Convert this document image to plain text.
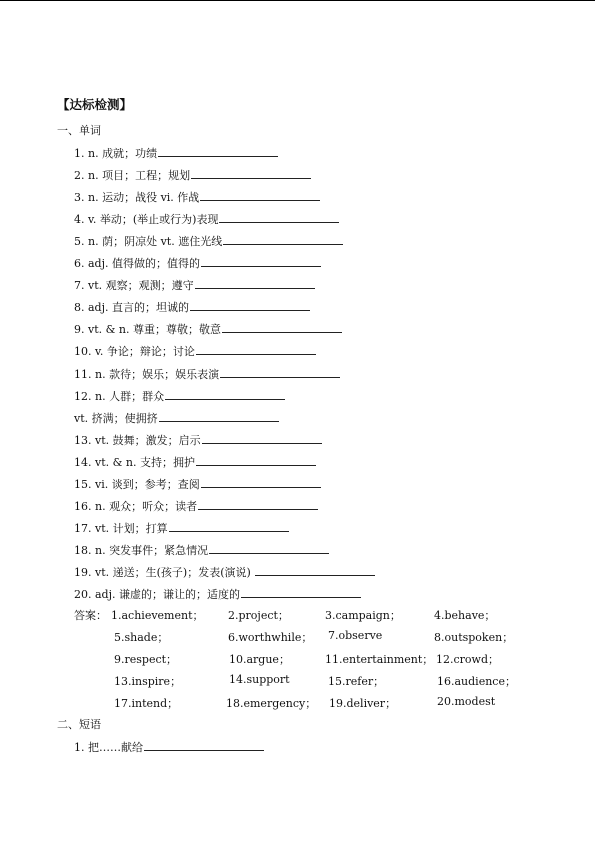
【达标检测】
一、单词
1. n. 成就；功绩
2. n. 项目；工程；规划
3. n. 运动；战役 vi. 作战
4. v. 举动；(举止或行为)表现
5. n. 荫；阴凉处 vt. 遮住光线
6. adj. 值得做的；值得的
7. vt. 观察；观测；遵守
8. adj. 直言的；坦诚的
9. vt. & n. 尊重；尊敬；敬意
10. v. 争论；辩论；讨论
11. n. 款待；娱乐；娱乐表演
12. n. 人群；群众
vt. 挤满；使拥挤
13. vt. 鼓舞；激发；启示
14. vt. & n. 支持；拥护
15. vi. 谈到；参考；查阅
16. n. 观众；听众；读者
17. vt. 计划；打算
18. n. 突发事件；紧急情况
19. vt. 递送；生(孩子)；发表(演说)
20. adj. 谦虚的；谦让的；适度的
答案： 1.achievement； 2.project；	3.campaign；	4.behave；
5.shade；	6.worthwhile； 7.observe	8.outspoken；
9.respect；	10.argue；	11.entertainment； 12.crowd；
13.inspire；	14.support	15.refer；	16.audience；
17.intend；	18.emergency； 19.deliver；	20.modest
二、短语
1. 把……献给
